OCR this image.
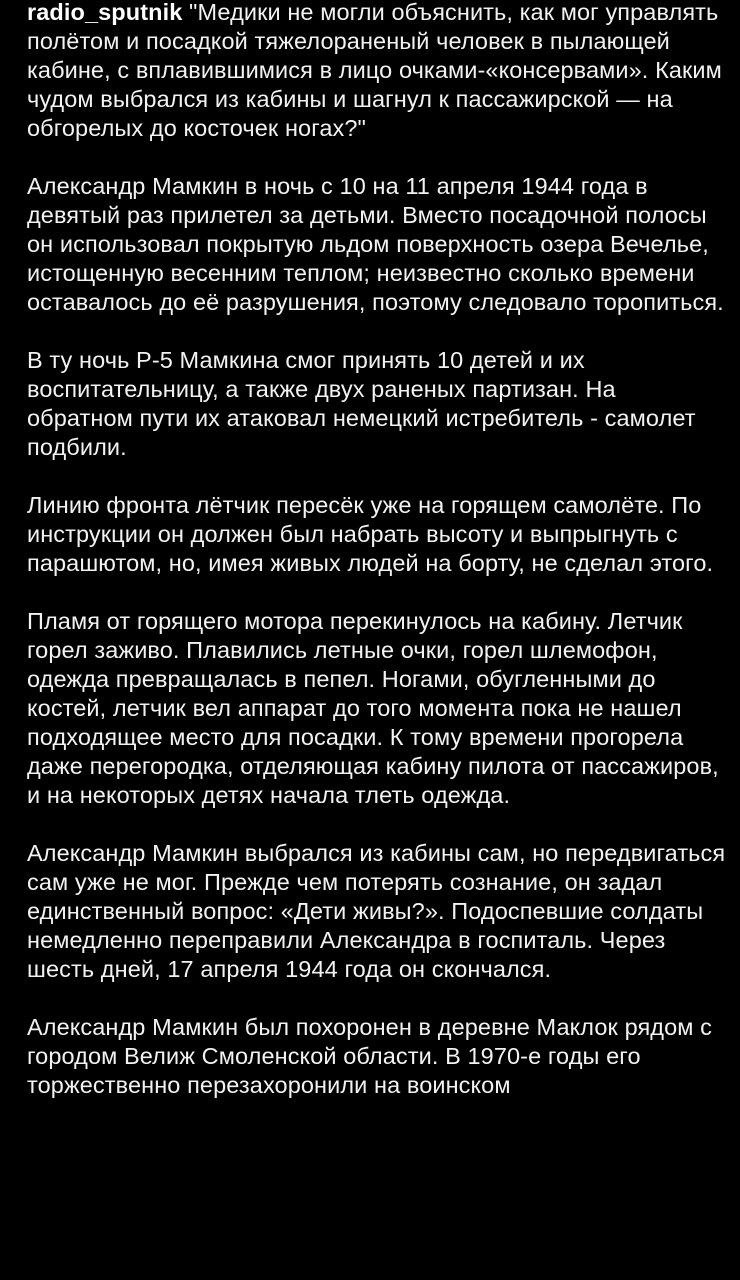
radio_sputnik "Медики не могли объяснить, как мог управлять полётом и посадкой тяжелораненый человек в пылающей кабине, с вплавившимися в лицо очками-«консервами». Каким чудом выбрался из кабины и шагнул к пассажирской — на обгорелых до косточек ногах?"

Александр Мамкин в ночь с 10 на 11 апреля 1944 года в девятый раз прилетел за детьми. Вместо посадочной полосы он использовал покрытую льдом поверхность озера Вечелье, истощенную весенним теплом; неизвестно сколько времени оставалось до её разрушения, поэтому следовало торопиться.

В ту ночь Р-5 Мамкина смог принять 10 детей и их воспитательницу, а также двух раненых партизан. На обратном пути их атаковал немецкий истребитель - самолет подбили.

Линию фронта лётчик пересёк уже на горящем самолёте. По инструкции он должен был набрать высоту и выпрыгнуть с парашютом, но, имея живых людей на борту, не сделал этого.

Пламя от горящего мотора перекинулось на кабину. Летчик горел заживо. Плавились летные очки, горел шлемофон, одежда превращалась в пепел. Ногами, обугленными до костей, летчик вел аппарат до того момента пока не нашел подходящее место для посадки. К тому времени прогорела даже перегородка, отделяющая кабину пилота от пассажиров, и на некоторых детях начала тлеть одежда.

Александр Мамкин выбрался из кабины сам, но передвигаться сам уже не мог. Прежде чем потерять сознание, он задал единственный вопрос: «Дети живы?». Подоспевшие солдаты немедленно переправили Александра в госпиталь. Через шесть дней, 17 апреля 1944 года он скончался.

Александр Мамкин был похоронен в деревне Маклок рядом с городом Велиж Смоленской области. В 1970-е годы его торжественно перезахоронили на воинском
